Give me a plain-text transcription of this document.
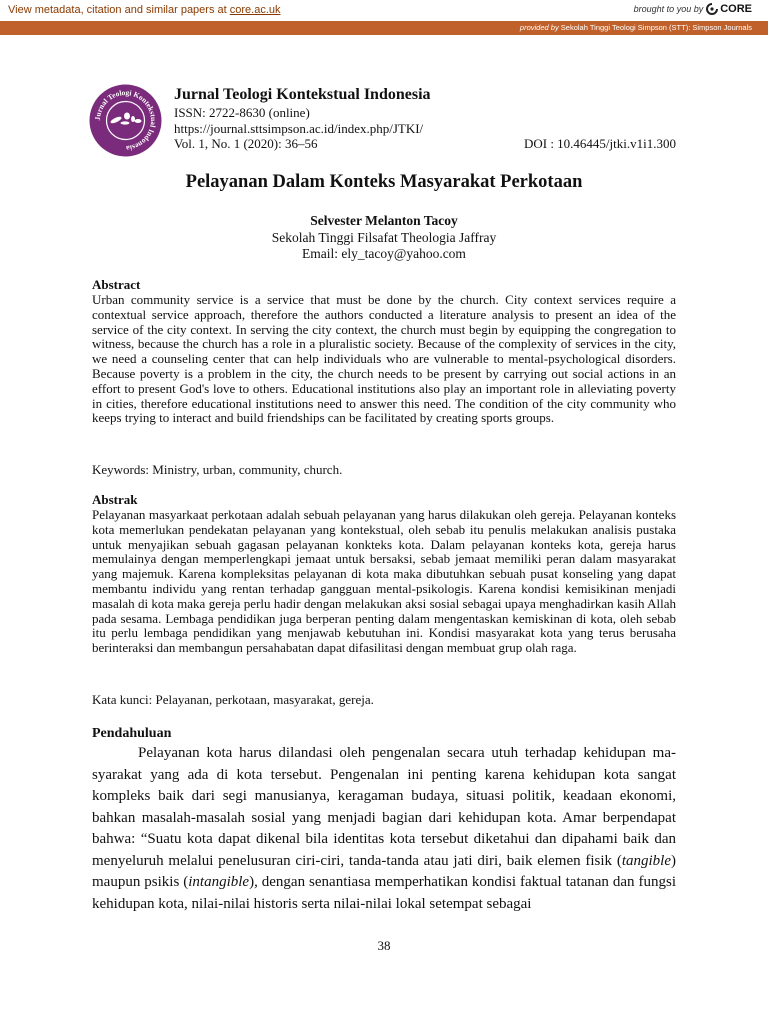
View metadata, citation and similar papers at core.ac.uk	brought to you by CORE
provided by Sekolah Tinggi Teologi Simpson (STT): Simpson Journals
Jurnal Teologi Kontekstual Indonesia
Jurnal Teologi Kontekstual Indonesia
ISSN: 2722-8630 (online)
https://journal.sttsimpson.ac.id/index.php/JTKI/
Vol. 1, No. 1 (2020): 36–56	DOI : 10.46445/jtki.v1i1.300
Pelayanan Dalam Konteks Masyarakat Perkotaan
Selvester Melanton Tacoy
Sekolah Tinggi Filsafat Theologia Jaffray
Email: ely_tacoy@yahoo.com
Abstract

Urban community service is a service that must be done by the church. City context services require a contextual service approach, therefore the authors conducted a literature analysis to present an idea of the service of the city context. In serving the city context, the church must begin by equipping the congregation to witness, because the church has a role in a pluralistic society. Because of the complexity of services in the city, we need a counseling center that can help individuals who are vulnerable to mental-psychological disorders. Because poverty is a problem in the city, the church needs to be present by carrying out social actions in an effort to present God's love to others. Educational institutions also play an important role in alleviating poverty in cities, therefore educational institutions need to answer this need. The condition of the city community who keeps trying to interact and build friendships can be facilitated by creating sports groups.

Keywords: Ministry, urban, community, church.
Abstrak

Pelayanan masyarkaat perkotaan adalah sebuah pelayanan yang harus dilakukan oleh gereja. Pelayanan konteks kota memerlukan pendekatan pelayanan yang kontekstual, oleh sebab itu penulis melakukan analisis pustaka untuk menyajikan sebuah gagasan pelayanan konkteks kota. Dalam pelayanan konteks kota, gereja harus memulainya dengan memperlengkapi jemaat untuk bersaksi, sebab jemaat memiliki peran dalam masyarakat yang majemuk. Karena kompleksitas pelayanan di kota maka dibutuhkan sebuah pusat konseling yang dapat membantu individu yang rentan terhadap gangguan mental-psikologis. Karena kondisi kemisikinan menjadi masalah di kota maka gereja perlu hadir dengan melakukan aksi sosial sebagai upaya menghadirkan kasih Allah pada sesama. Lembaga pendidikan juga berperan penting dalam mengentaskan kemiskinan di kota, oleh sebab itu perlu lembaga pendidikan yang menjawab kebutuhan ini. Kondisi masyarakat kota yang terus berusaha berinteraksi dan membangun persahabatan dapat difasilitasi dengan membuat grup olah raga.

Kata kunci: Pelayanan, perkotaan, masyarakat, gereja.
Pendahuluan

Pelayanan kota harus dilandasi oleh pengenalan secara utuh terhadap kehidupan ma-syarakat yang ada di kota tersebut. Pengenalan ini penting karena kehidupan kota sangat kompleks baik dari segi manusianya, keragaman budaya, situasi politik, keadaan ekonomi, bahkan masalah-masalah sosial yang menjadi bagian dari kehidupan kota. Amar berpendapat bahwa: “Suatu kota dapat dikenal bila identitas kota tersebut diketahui dan dipahami baik dan menyeluruh melalui penelusuran ciri-ciri, tanda-tanda atau jati diri, baik elemen fisik (tangible) maupun psikis (intangible), dengan senantiasa memperhatikan kondisi faktual tatanan dan fungsi kehidupan kota, nilai-nilai historis serta nilai-nilai lokal setempat sebagai

38
